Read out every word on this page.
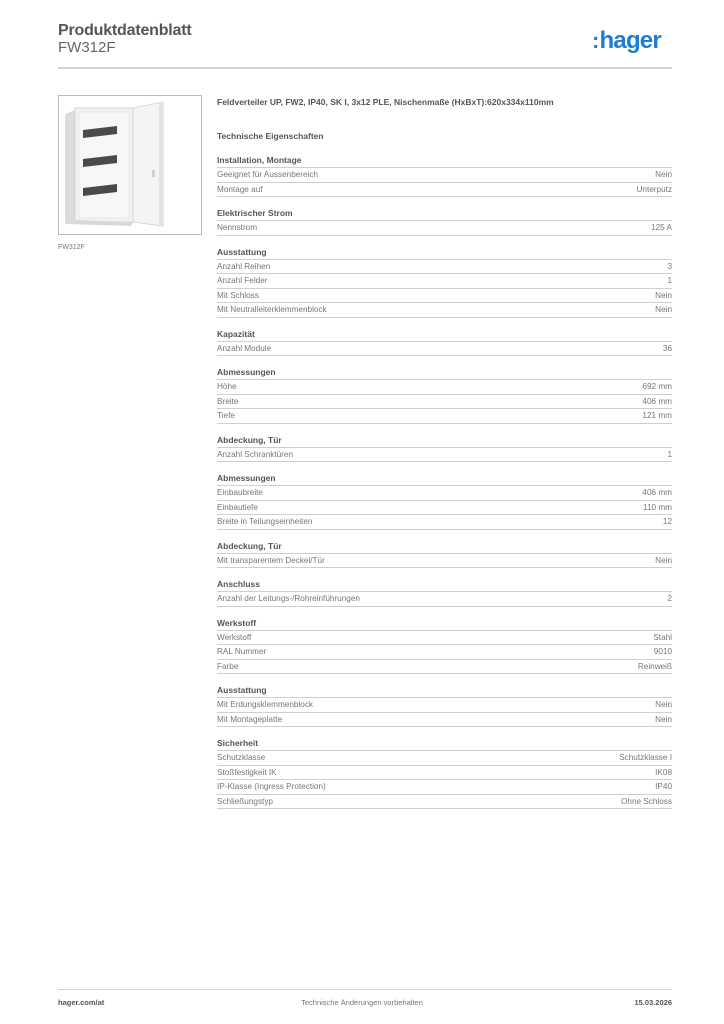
Produktdatenblatt
FW312F	:hager
FW312F
Feldverteiler UP, FW2, IP40, SK I, 3x12 PLE, Nischenmaße (HxBxT):620x334x110mm
Technische Eigenschaften
Installation, Montage
Geeignet für Aussenbereich	Nein
Montage auf	Unterputz
Elektrischer Strom
Nennstrom	125 A
Ausstattung
Anzahl Reihen	3
Anzahl Felder	1
Mit Schloss	Nein
Mit Neutralleiterklemmenblock	Nein
Kapazität
Anzahl Module	36
Abmessungen
Höhe	692 mm
Breite	406 mm
Tiefe	121 mm
Abdeckung, Tür
Anzahl Schranktüren	1
Abmessungen
Einbaubreite	406 mm
Einbautiefe	110 mm
Breite in Teilungseinheiten	12
Abdeckung, Tür
Mit transparentem Deckel/Tür	Nein
Anschluss
Anzahl der Leitungs-/Rohreinführungen	2
Werkstoff
Werkstoff	Stahl
RAL Nummer	9010
Farbe	Reinweiß
Ausstattung
Mit Erdungsklemmenblock	Nein
Mit Montageplatte	Nein
Sicherheit
Schutzklasse	Schutzklasse I
Stoßfestigkeit IK	IK08
IP-Klasse (Ingress Protection)	IP40
Schließungstyp	Ohne Schloss
hager.com/at	Technische Änderungen vorbehalten	15.03.2026
